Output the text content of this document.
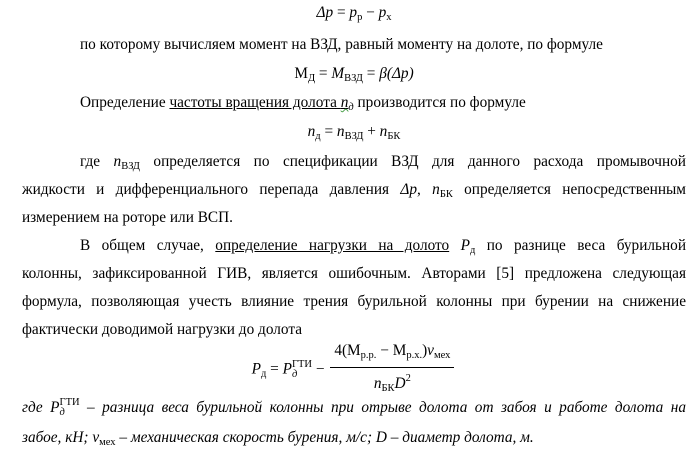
$\Delta p = p_р - p_х$
по которому вычисляем момент на ВЗД, равный моменту на долоте, по формуле
$М_Д = М_{ВЗД} = \beta(\Delta p)$
Определение частоты вращения долота nд производится по формуле
$n_д = n_{ВЗД} + n_{БК}$
где $n_{ВЗД}$ определяется по спецификации ВЗД для данного расхода промывочной
жидкости и дифференциального перепада давления Δp, $n_{БК}$ определяется непосредственным
измерением на роторе или ВСП.
В общем случае, определение нагрузки на долото $P_д$ по разнице веса бурильной
колонны, зафиксированной ГИВ, является ошибочным. Авторами [5] предложена следующая
формула, позволяющая учесть влияние трения бурильной колонны при бурении на снижение
фактически доводимой нагрузки до долота
$P_д = P$ ГТИ
$д - \frac{4(М_{р.р.} - М_{р.х.})v_{мех}}{n_{БК}D^2}$
где P ГТИ
д – разница веса бурильной колонны при отрыве долота от забоя и работе долота на
забое, кН; $v_{мех}$ – механическая скорость бурения, м/с; D – диаметр долота, м.
